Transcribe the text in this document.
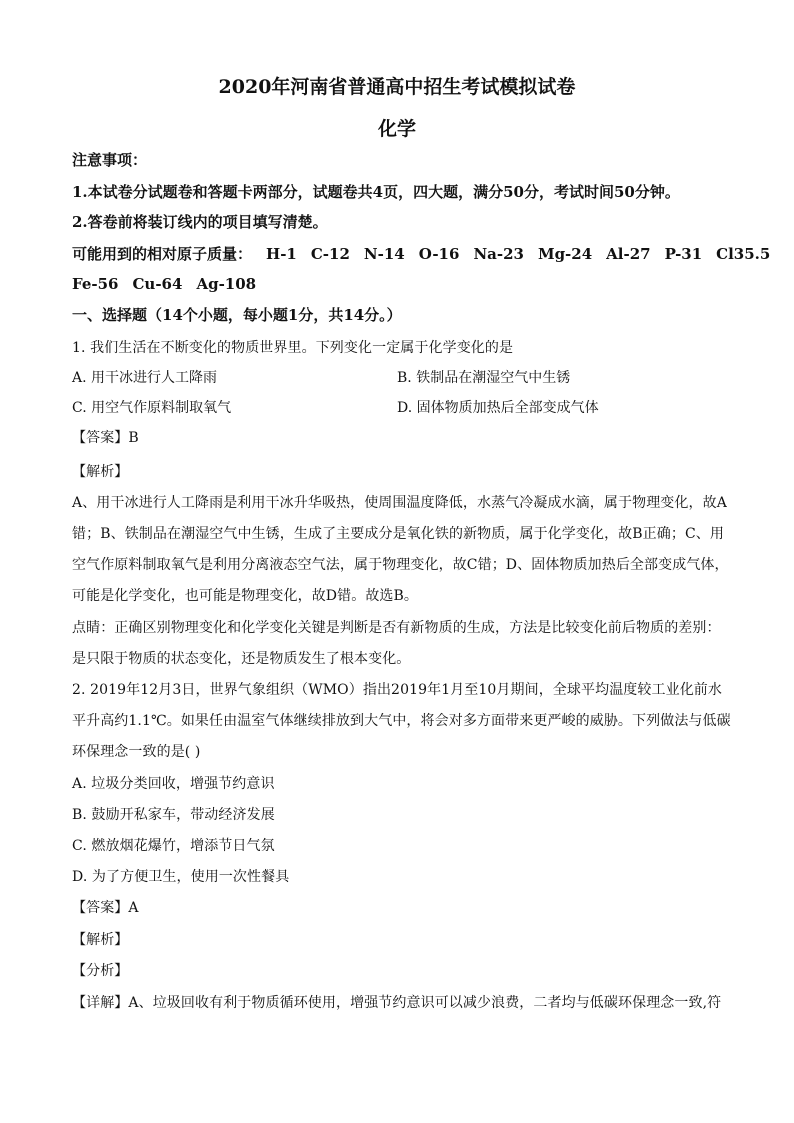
2020年河南省普通高中招生考试模拟试卷
化学
注意事项：
1.本试卷分试题卷和答题卡两部分，试题卷共4页，四大题，满分50分，考试时间50分钟。
2.答卷前将装订线内的项目填写清楚。
可能用到的相对原子质量： H-1 C-12 N-14 O-16 Na-23 Mg-24 Al-27 P-31 Cl35.5
Fe-56 Cu-64 Ag-108
一、选择题（14个小题，每小题1分，共14分。）
1. 我们生活在不断变化的物质世界里。下列变化一定属于化学变化的是
A. 用干冰进行人工降雨	B. 铁制品在潮湿空气中生锈
C. 用空气作原料制取氧气	D. 固体物质加热后全部变成气体
【答案】B
【解析】
A、用干冰进行人工降雨是利用干冰升华吸热，使周围温度降低，水蒸气冷凝成水滴，属于物理变化，故A
错；B、铁制品在潮湿空气中生锈，生成了主要成分是氧化铁的新物质，属于化学变化，故B正确；C、用
空气作原料制取氧气是利用分离液态空气法，属于物理变化，故C错；D、固体物质加热后全部变成气体，
可能是化学变化，也可能是物理变化，故D错。故选B。
点睛：正确区别物理变化和化学变化关键是判断是否有新物质的生成，方法是比较变化前后物质的差别：
是只限于物质的状态变化，还是物质发生了根本变化。
2. 2019年12月3日，世界气象组织（WMO）指出2019年1月至10月期间，全球平均温度较工业化前水
平升高约1.1℃。如果任由温室气体继续排放到大气中，将会对多方面带来更严峻的威胁。下列做法与低碳
环保理念一致的是( )
A. 垃圾分类回收，增强节约意识
B. 鼓励开私家车，带动经济发展
C. 燃放烟花爆竹，增添节日气氛
D. 为了方便卫生，使用一次性餐具
【答案】A
【解析】
【分析】
【详解】A、垃圾回收有利于物质循环使用，增强节约意识可以减少浪费，二者均与低碳环保理念一致,符
